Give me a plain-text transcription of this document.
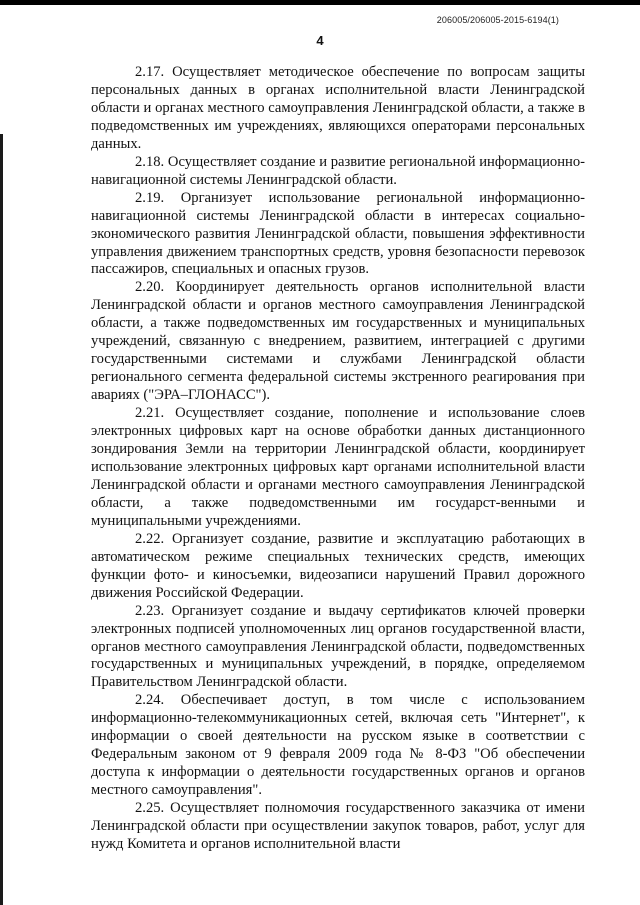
206005/206005-2015-6194(1)
4

2.17. Осуществляет методическое обеспечение по вопросам защиты персональных данных в органах исполнительной власти Ленинградской области и органах местного самоуправления Ленинградской области, а также в подведомственных им учреждениях, являющихся операторами персональных данных.

2.18. Осуществляет создание и развитие региональной информационно-навигационной системы Ленинградской области.

2.19. Организует использование региональной информационно-навигационной системы Ленинградской области в интересах социально-экономического развития Ленинградской области, повышения эффективности управления движением транспортных средств, уровня безопасности перевозок пассажиров, специальных и опасных грузов.

2.20. Координирует деятельность органов исполнительной власти Ленинградской области и органов местного самоуправления Ленинградской области, а также подведомственных им государственных и муниципальных учреждений, связанную с внедрением, развитием, интеграцией с другими государственными системами и службами Ленинградской области регионального сегмента федеральной системы экстренного реагирования при авариях ("ЭРА–ГЛОНАСС").

2.21. Осуществляет создание, пополнение и использование слоев электронных цифровых карт на основе обработки данных дистанционного зондирования Земли на территории Ленинградской области, координирует использование электронных цифровых карт органами исполнительной власти Ленинградской области и органами местного самоуправления Ленинградской области, а также подведомственными им государст-венными и муниципальными учреждениями.

2.22. Организует создание, развитие и эксплуатацию работающих в автоматическом режиме специальных технических средств, имеющих функции фото- и киносъемки, видеозаписи нарушений Правил дорожного движения Российской Федерации.

2.23. Организует создание и выдачу сертификатов ключей проверки электронных подписей уполномоченных лиц органов государственной власти, органов местного самоуправления Ленинградской области, подведомственных государственных и муниципальных учреждений, в порядке, определяемом Правительством Ленинградской области.

2.24. Обеспечивает доступ, в том числе с использованием информационно-телекоммуникационных сетей, включая сеть "Интернет", к информации о своей деятельности на русском языке в соответствии с Федеральным законом от 9 февраля 2009 года № 8-ФЗ "Об обеспечении доступа к информации о деятельности государственных органов и органов местного самоуправления".

2.25. Осуществляет полномочия государственного заказчика от имени Ленинградской области при осуществлении закупок товаров, работ, услуг для нужд Комитета и органов исполнительной власти
